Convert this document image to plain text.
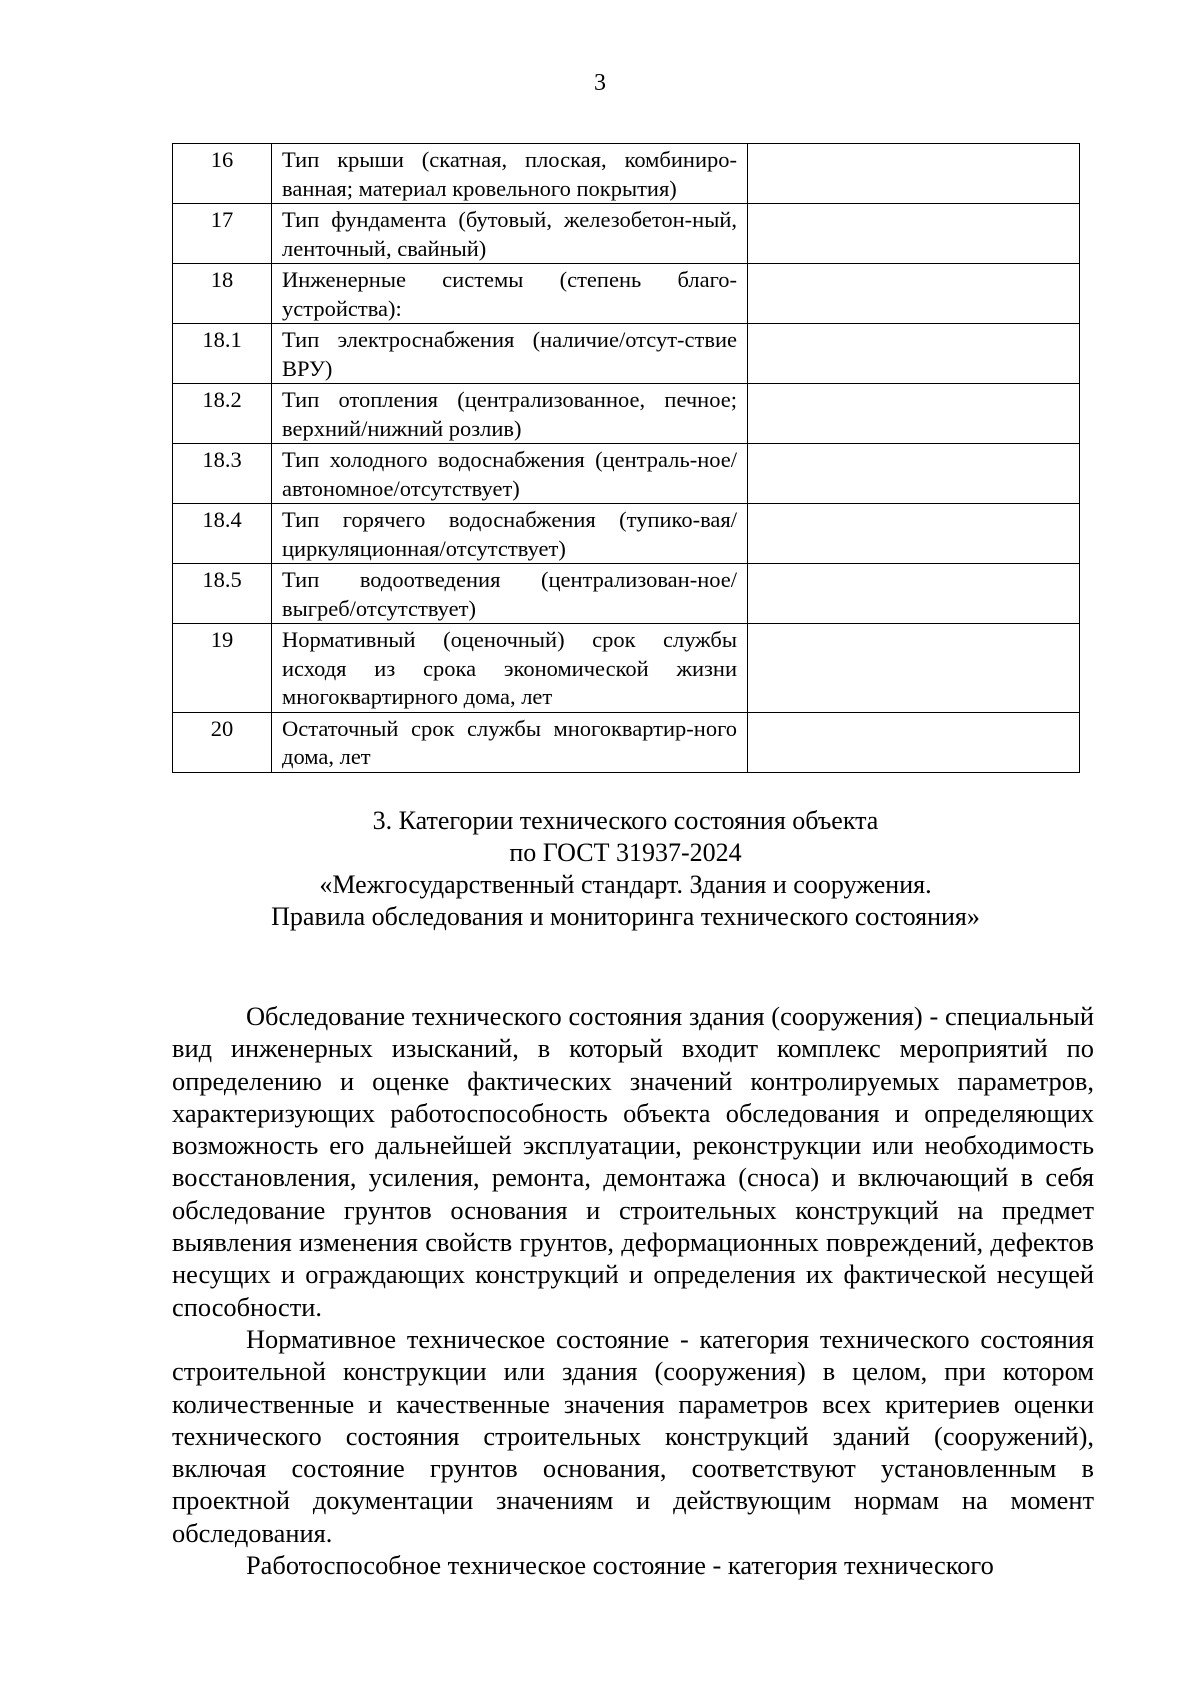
3
16	Тип крыши (скатная, плоская, комбиниро-ванная; материал кровельного покрытия)	
17	Тип фундамента (бутовый, железобетон-ный, ленточный, свайный)	
18	Инженерные системы (степень благо-устройства):	
18.1	Тип электроснабжения (наличие/отсут-ствие ВРУ)	
18.2	Тип отопления (централизованное, печное; верхний/нижний розлив)	
18.3	Тип холодного водоснабжения (централь-ное/автономное/отсутствует)	
18.4	Тип горячего водоснабжения (тупико-вая/циркуляционная/отсутствует)	
18.5	Тип водоотведения (централизован-ное/выгреб/отсутствует)	
19	Нормативный (оценочный) срок службы исходя из срока экономической жизни многоквартирного дома, лет	
20	Остаточный срок службы многоквартир-ного дома, лет	
3. Категории технического состояния объекта
по ГОСТ 31937-2024
«Межгосударственный стандарт. Здания и сооружения.
Правила обследования и мониторинга технического состояния»

Обследование технического состояния здания (сооружения) - специальный вид инженерных изысканий, в который входит комплекс мероприятий по определению и оценке фактических значений контролируемых параметров, характеризующих работоспособность объекта обследования и определяющих возможность его дальнейшей эксплуатации, реконструкции или необходимость восстановления, усиления, ремонта, демонтажа (сноса) и включающий в себя обследование грунтов основания и строительных конструкций на предмет выявления изменения свойств грунтов, деформационных повреждений, дефектов несущих и ограждающих конструкций и определения их фактической несущей способности.

Нормативное техническое состояние - категория технического состояния строительной конструкции или здания (сооружения) в целом, при котором количественные и качественные значения параметров всех критериев оценки технического состояния строительных конструкций зданий (сооружений), включая состояние грунтов основания, соответствуют установленным в проектной документации значениям и действующим нормам на момент обследования.

Работоспособное техническое состояние - категория технического
